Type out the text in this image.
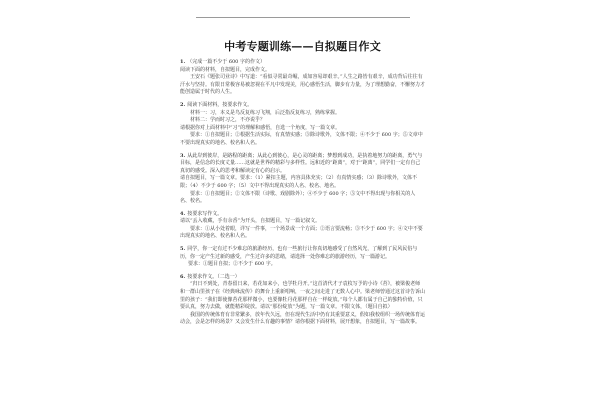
中考专题训练——自拟题目作文
1. （完成一篇不少于 600 字的作文）

阅读下面的材料，自拟题目，完成作文。

王安石《题张司业诗》中写道：“看似寻常最奇崛，成如容易却艰辛。”人生之路皆有艰辛，成功背后往往有汗水与坚持。有限日常极容易被忽视在平凡中发现美，用心感悟生活，脚步有力量，为了理想勤奋，不懈努力才能创造属于时代的人生。

2. 阅读下面材料，按要求作文。

材料一：习，本义是鸟反复练习飞翔，后泛指反复练习，熟练掌握。

材料二：学而时习之，不亦说乎？

请根据你对上面材料中“习”的理解和感悟，自选一个角度，写一篇文章。

要求：①自拟题目；②根据生活实际，有真情实感；③除诗歌外，文体不限；④不少于 600 字；⑤文章中不要出现真实的地名、校名和人名。

3. 从此岸到彼岸，是路程的距离；从此心到彼心，是心灵的距离；梦想到成功，是执着地努力的距离，勇气与目标，是信念的长度丈量……这就是世界的精彩与多样性。远和近的“距离”，对于“距离”，同学们一定有自己真切的感受。深入的思考和解读定有心的启示。

请自拟题目，写一篇文章。要求：（1）紧扣主题，内容具体充实；（2）有真情实感；（3）除诗歌外，文体不限；（4）不少于 600 字；（5）文中不得出现真实的人名、校名、地名。

要求：①自拟题目；②文体不限（诗歌、戏剧除外）；④不少于 600 字；⑤文中不得出现与你相关的人名、校名。

4. 按要求写作文。

请以“丢入收藏，手有余香”为开头，自拟题目，写一篇记叙文。

要求：①从小处着眼，详写一件事，一个场景或一个方面；②语言要流畅；③不少于 600 字；④文中不要出现真实的地名、校名和人名。

5. 同学，你一定有过不少难忘的旅游经历，也有一些旅行让你真切地感受了自然风光，了解到了民风民俗与历，你一定产生过新的感受，产生过许多的思绪，请选择一处你难忘的旅游经历，写一篇游记。

要求：①题目自拟；②不少于 600 字。

6. 按要求作文。（二选一）

“归日不到处，青春留日来，若花如来小，也学牡丹开。”这首清代才子袁枚写予的小诗《苔》，被梁俊老师和一群山里孩子在《经典咏流传》的舞台上重新唱响，一夜之间走进了无数人心中。梁老师曾通过这首诗告诉山里的孩子：“我们即使像苔花那样微小，也要像牡丹花那样自在一样绽放。”每个人都有属于自己的独特价值，只要认真，努力去做，就能精彩绽放。请以“那份绽放”为题，写一篇文章。不限文体，（题目自拟）

我国的传统体育有非常繁多，放年代久远，但在现代生活中仍有其重要意义，假如我校组织一场传统体育运动会，会是怎样的场景？又会发生什么有趣的事情？请你根据下面材料，展开想象，自拟题目，写一篇故事。
